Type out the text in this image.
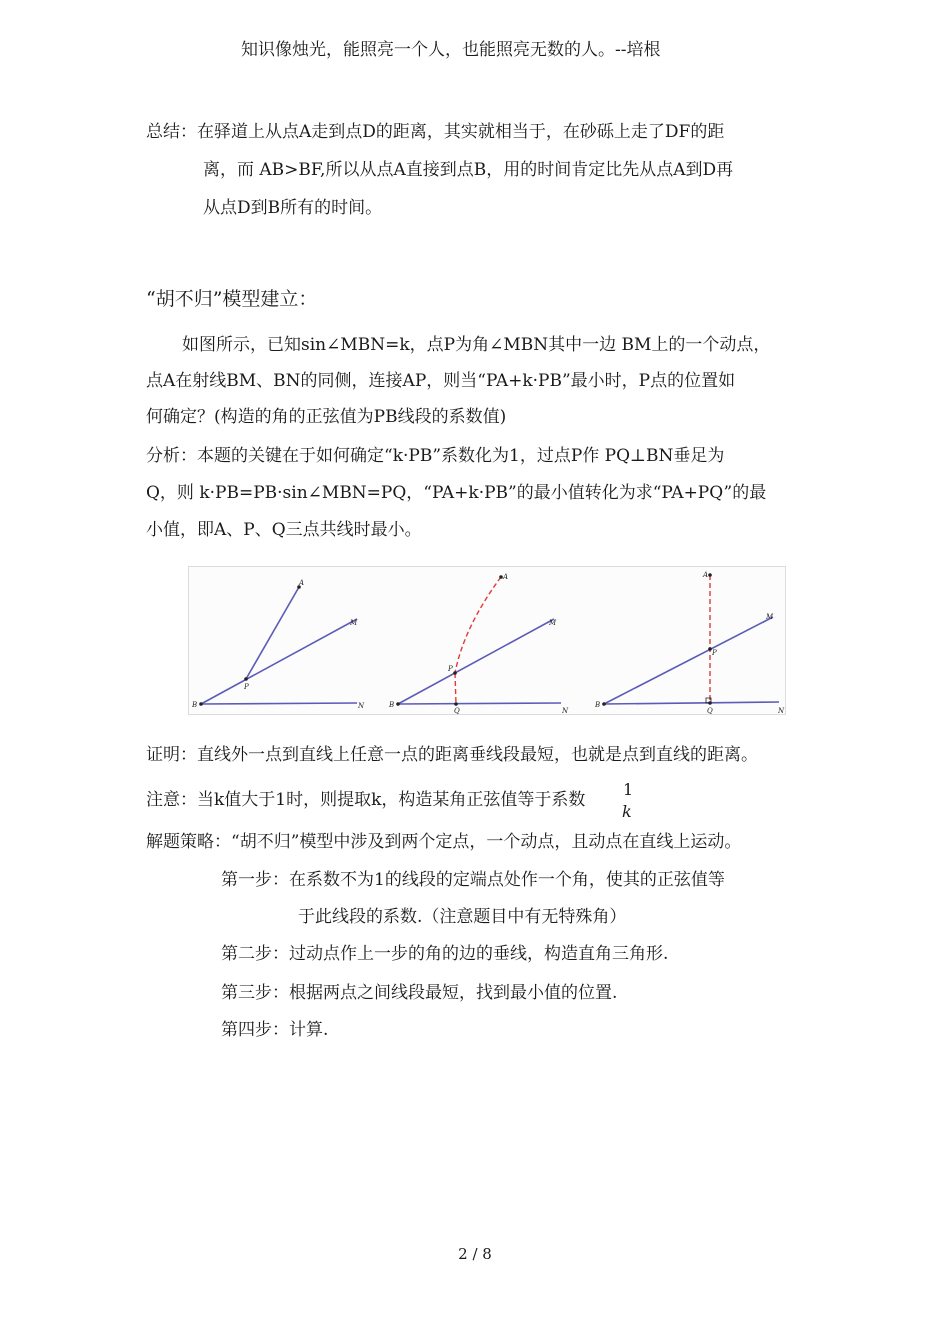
知识像烛光，能照亮一个人，也能照亮无数的人。--培根
总结：在驿道上从点A走到点D的距离，其实就相当于，在砂砾上走了DF的距
离，而 AB>BF,所以从点A直接到点B，用的时间肯定比先从点A到D再
从点D到B所有的时间。
“胡不归”模型建立：
如图所示，已知sin∠MBN=k，点P为角∠MBN其中一边 BM上的一个动点，
点A在射线BM、BN的同侧，连接AP，则当“PA+k·PB”最小时，P点的位置如
何确定？(构造的角的正弦值为PB线段的系数值)
分析：本题的关键在于如何确定“k·PB”系数化为1，过点P作 PQ⊥BN垂足为
Q，则 k·PB=PB·sin∠MBN=PQ，“PA+k·PB”的最小值转化为求“PA+PQ”的最
小值，即A、P、Q三点共线时最小。
B	N
M
A
P
B
N
M
A
P
Q
B
N
M
A
P
Q
证明：直线外一点到直线上任意一点的距离垂线段最短，也就是点到直线的距离。
注意：当k值大于1时，则提取k，构造某角正弦值等于系数
1
k
解题策略：“胡不归”模型中涉及到两个定点，一个动点，且动点在直线上运动。
第一步：在系数不为1的线段的定端点处作一个角，使其的正弦值等
于此线段的系数.（注意题目中有无特殊角）
第二步：过动点作上一步的角的边的垂线，构造直角三角形.
第三步：根据两点之间线段最短，找到最小值的位置.
第四步：计算.
2 / 8
